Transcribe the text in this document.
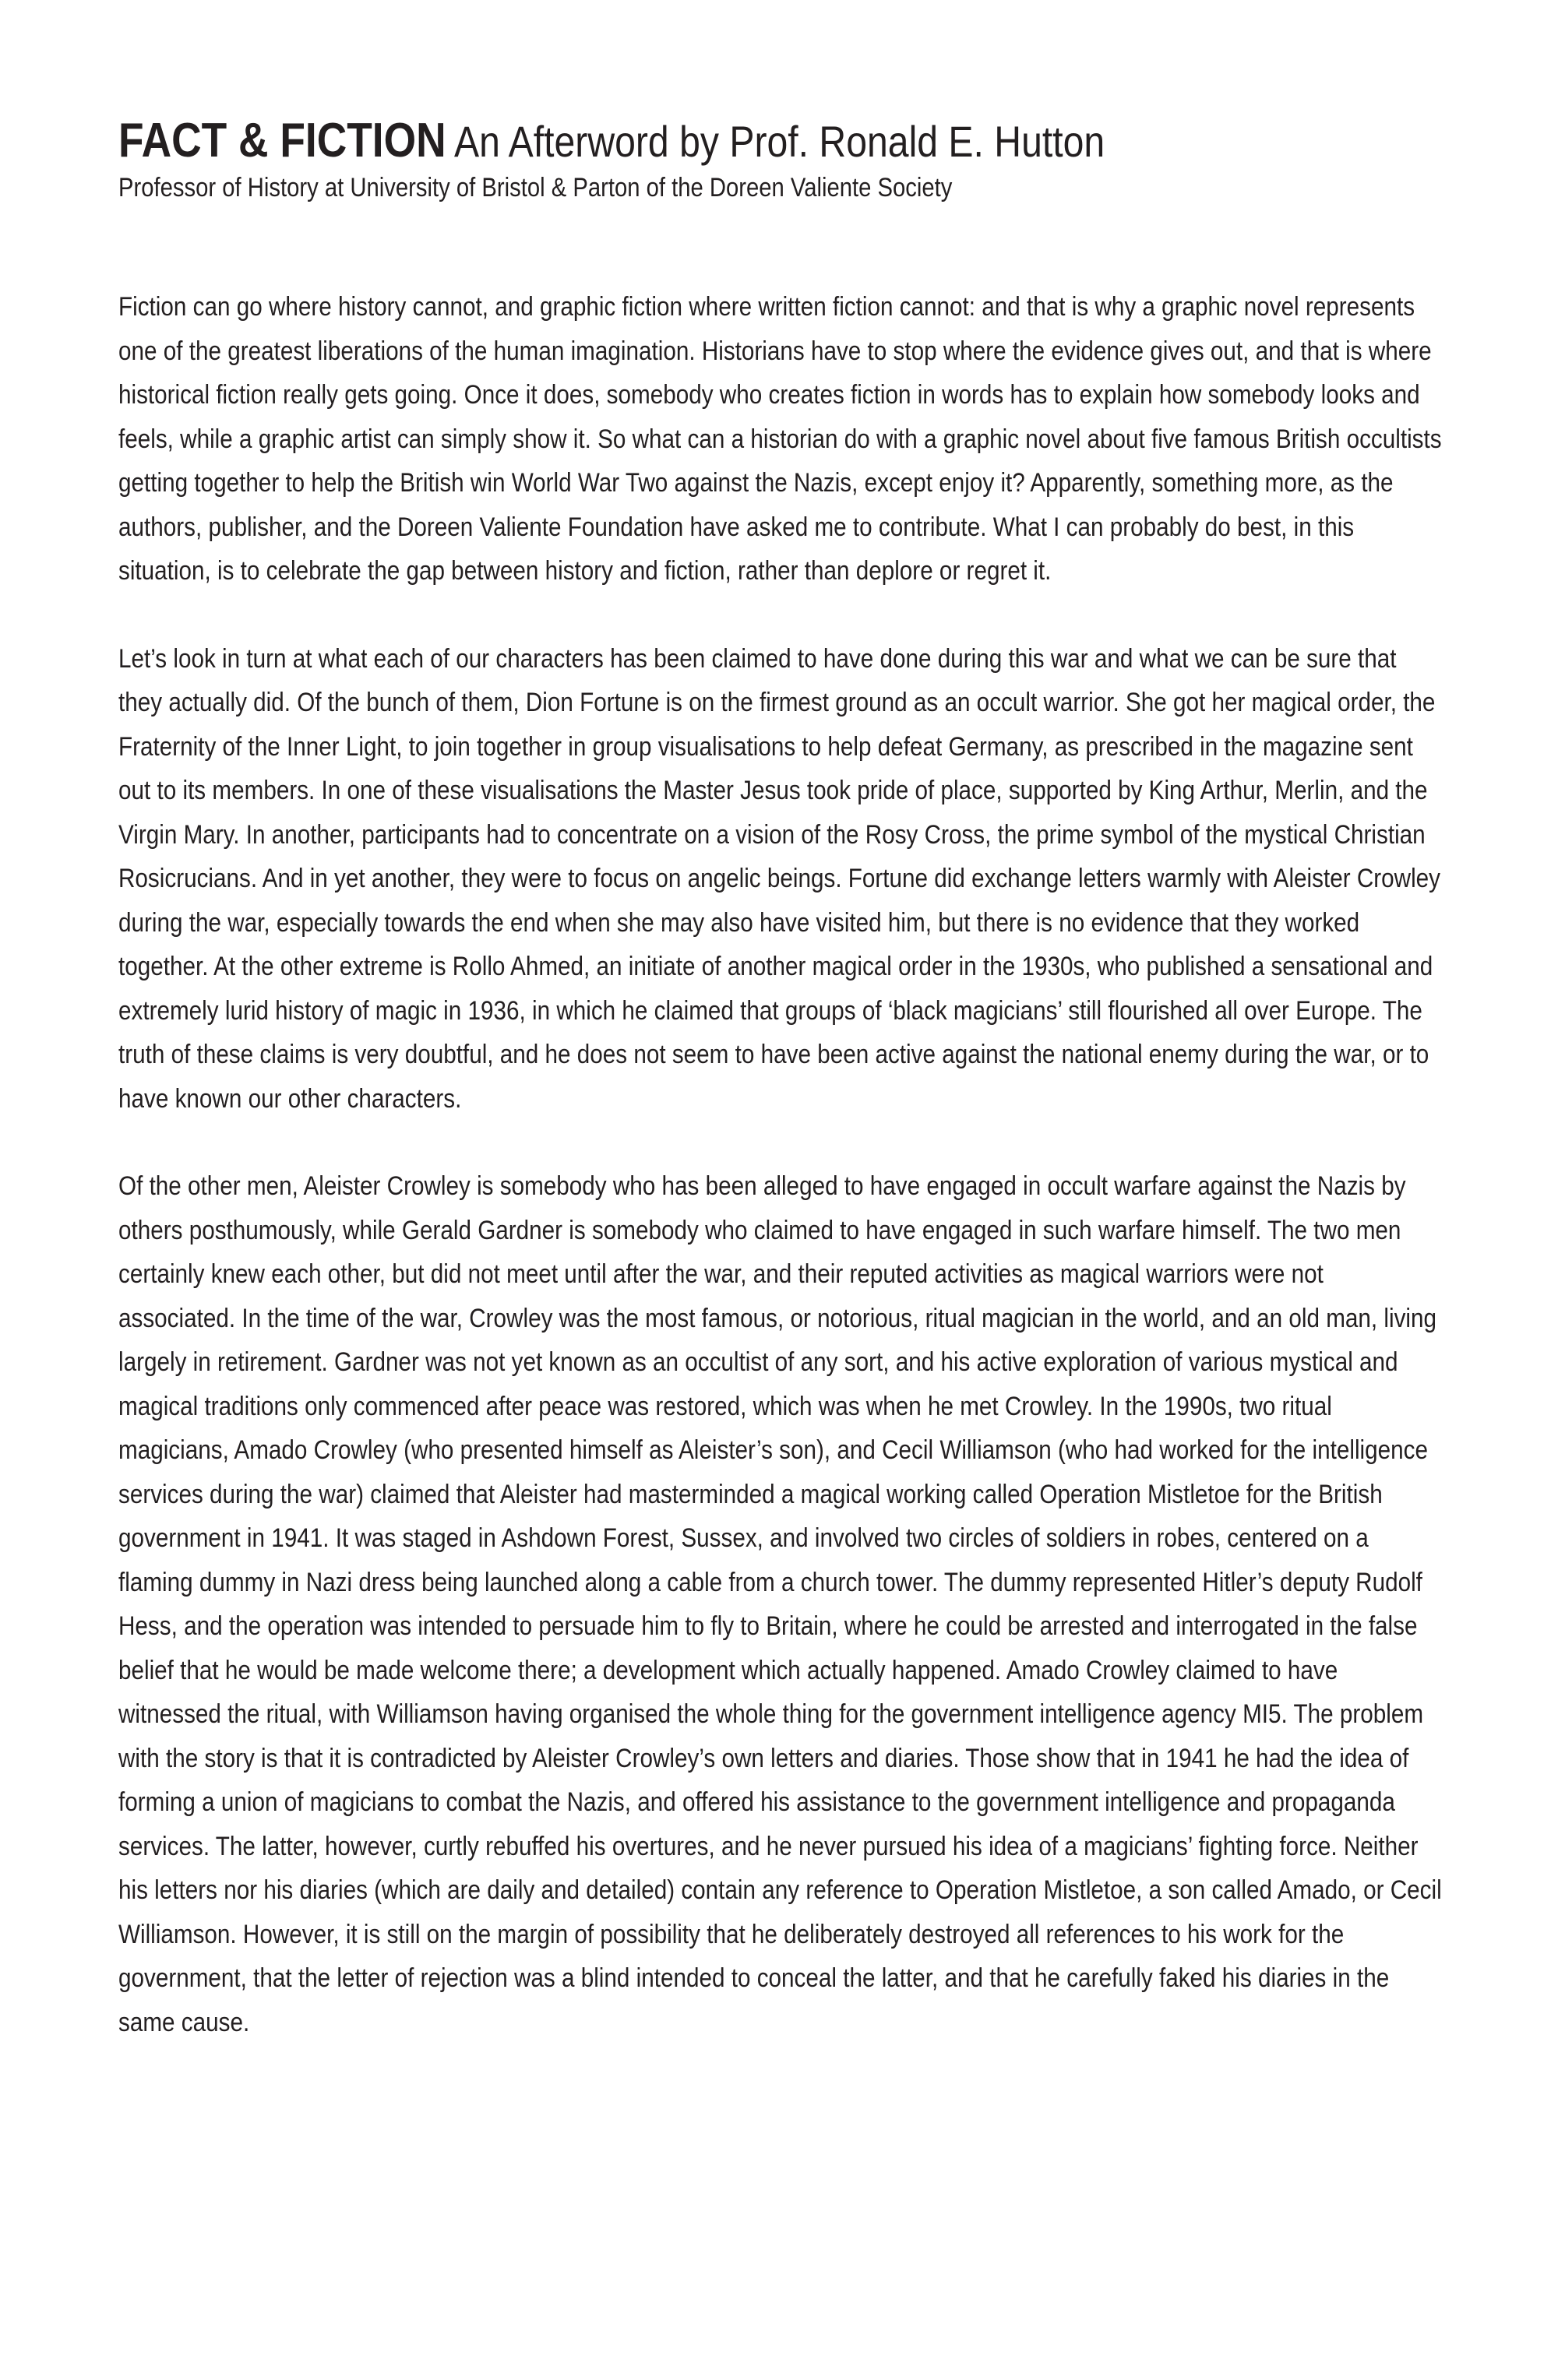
FACT & FICTION An Afterword by Prof. Ronald E. Hutton
Professor of History at University of Bristol & Parton of the Doreen Valiente Society

Fiction can go where history cannot, and graphic fiction where written fiction cannot: and that is why a graphic novel represents one of the greatest liberations of the human imagination. Historians have to stop where the evidence gives out, and that is where historical fiction really gets going. Once it does, somebody who creates fiction in words has to explain how somebody looks and feels, while a graphic artist can simply show it. So what can a historian do with a graphic novel about five famous British occultists getting together to help the British win World War Two against the Nazis, except enjoy it? Apparently, something more, as the authors, publisher, and the Doreen Valiente Foundation have asked me to contribute. What I can probably do best, in this situation, is to celebrate the gap between history and fiction, rather than deplore or regret it.

Let’s look in turn at what each of our characters has been claimed to have done during this war and what we can be sure that they actually did. Of the bunch of them, Dion Fortune is on the firmest ground as an occult warrior. She got her magical order, the Fraternity of the Inner Light, to join together in group visualisations to help defeat Germany, as prescribed in the magazine sent out to its members. In one of these visualisations the Master Jesus took pride of place, supported by King Arthur, Merlin, and the Virgin Mary. In another, participants had to concentrate on a vision of the Rosy Cross, the prime symbol of the mystical Christian Rosicrucians. And in yet another, they were to focus on angelic beings. Fortune did exchange letters warmly with Aleister Crowley during the war, especially towards the end when she may also have visited him, but there is no evidence that they worked together. At the other extreme is Rollo Ahmed, an initiate of another magical order in the 1930s, who published a sensational and extremely lurid history of magic in 1936, in which he claimed that groups of ‘black magicians’ still flourished all over Europe. The truth of these claims is very doubtful, and he does not seem to have been active against the national enemy during the war, or to have known our other characters.

Of the other men, Aleister Crowley is somebody who has been alleged to have engaged in occult warfare against the Nazis by others posthumously, while Gerald Gardner is somebody who claimed to have engaged in such warfare himself. The two men certainly knew each other, but did not meet until after the war, and their reputed activities as magical warriors were not associated. In the time of the war, Crowley was the most famous, or notorious, ritual magician in the world, and an old man, living largely in retirement. Gardner was not yet known as an occultist of any sort, and his active exploration of various mystical and magical traditions only commenced after peace was restored, which was when he met Crowley. In the 1990s, two ritual magicians, Amado Crowley (who presented himself as Aleister’s son), and Cecil Williamson (who had worked for the intelligence services during the war) claimed that Aleister had masterminded a magical working called Operation Mistletoe for the British government in 1941. It was staged in Ashdown Forest, Sussex, and involved two circles of soldiers in robes, centered on a flaming dummy in Nazi dress being launched along a cable from a church tower. The dummy represented Hitler’s deputy Rudolf Hess, and the operation was intended to persuade him to fly to Britain, where he could be arrested and interrogated in the false belief that he would be made welcome there; a development which actually happened. Amado Crowley claimed to have witnessed the ritual, with Williamson having organised the whole thing for the government intelligence agency MI5. The problem with the story is that it is contradicted by Aleister Crowley’s own letters and diaries. Those show that in 1941 he had the idea of forming a union of magicians to combat the Nazis, and offered his assistance to the government intelligence and propaganda services. The latter, however, curtly rebuffed his overtures, and he never pursued his idea of a magicians’ fighting force. Neither his letters nor his diaries (which are daily and detailed) contain any reference to Operation Mistletoe, a son called Amado, or Cecil Williamson. However, it is still on the margin of possibility that he deliberately destroyed all references to his work for the government, that the letter of rejection was a blind intended to conceal the latter, and that he carefully faked his diaries in the same cause.
